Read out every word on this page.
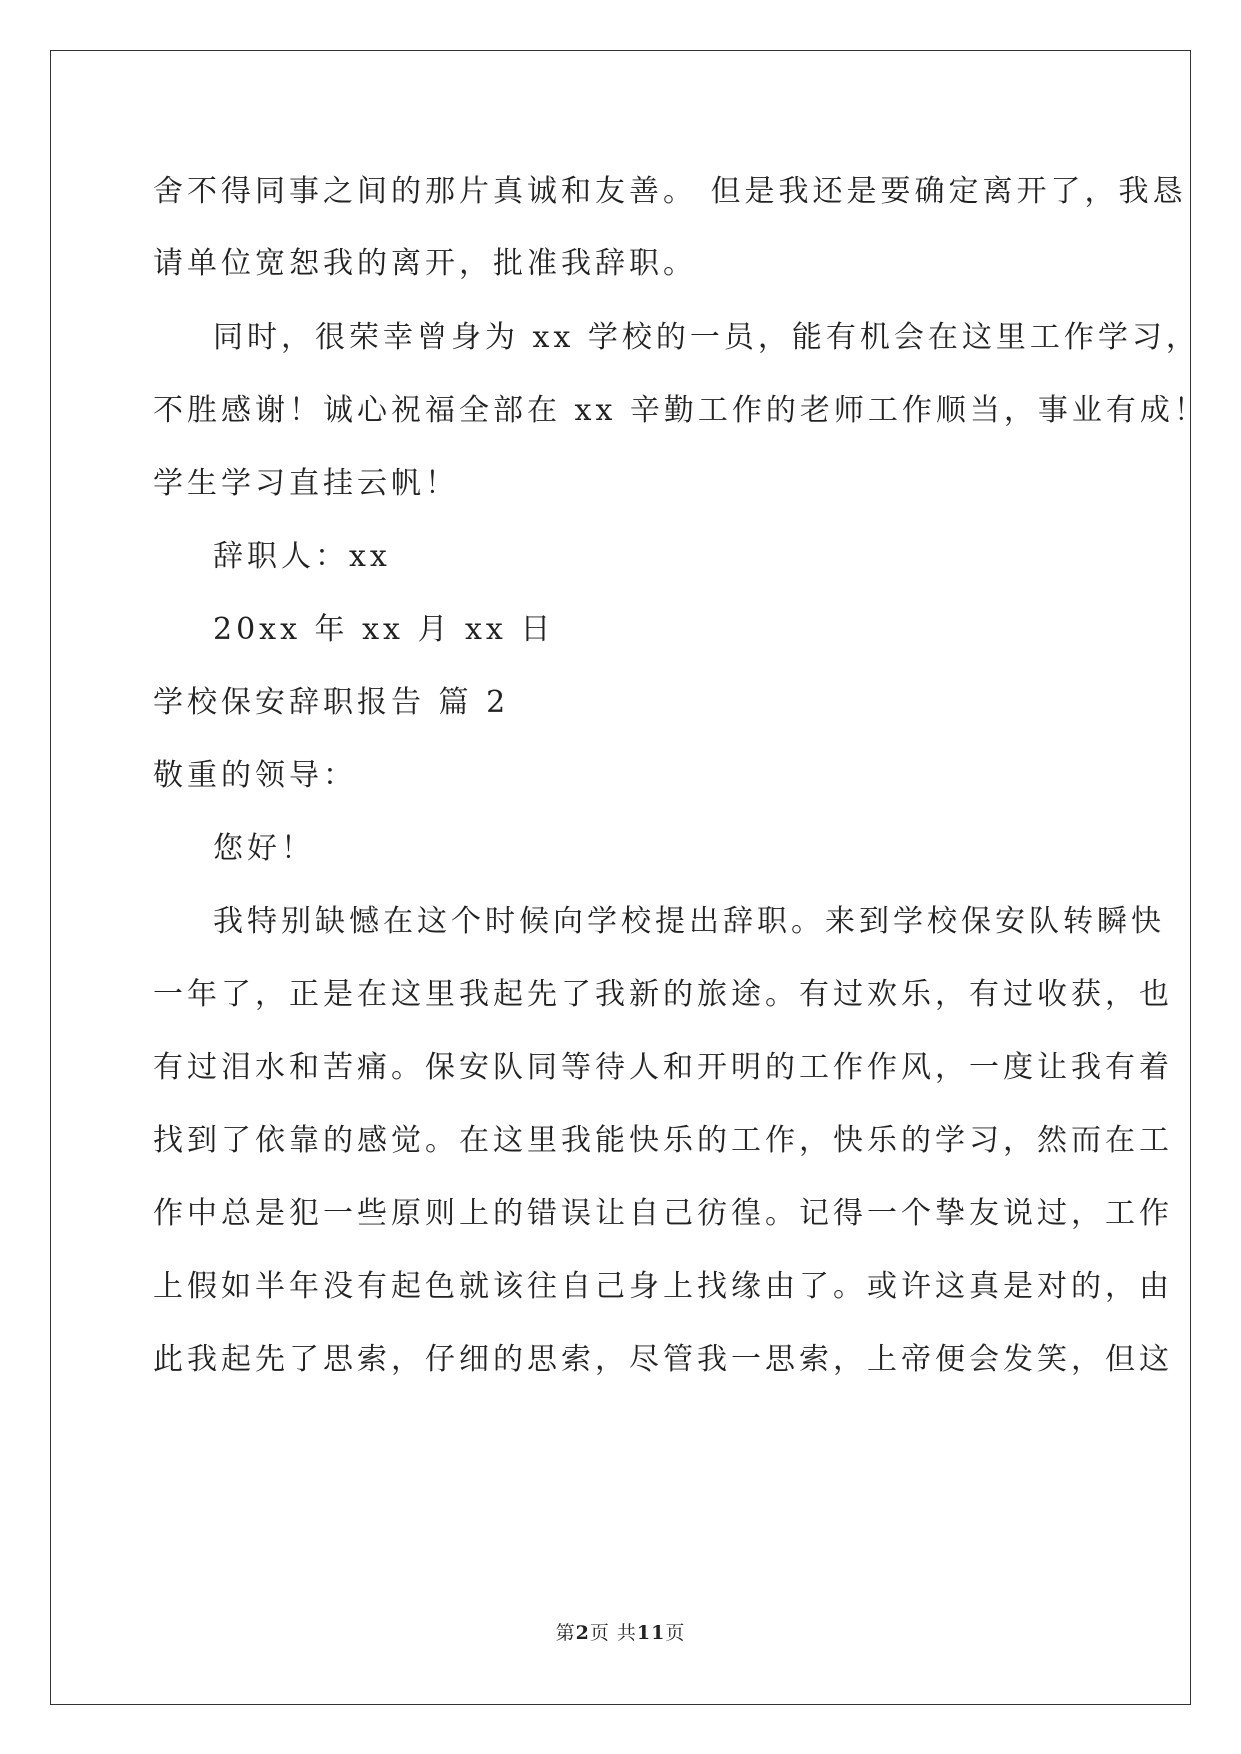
舍不得同事之间的那片真诚和友善。 但是我还是要确定离开了，我恳
请单位宽恕我的离开，批准我辞职。
同时，很荣幸曾身为 xx 学校的一员，能有机会在这里工作学习，
不胜感谢！诚心祝福全部在 xx 辛勤工作的老师工作顺当，事业有成！
学生学习直挂云帆！
辞职人：xx
20xx 年 xx 月 xx 日
学校保安辞职报告 篇 2
敬重的领导：
您好！
我特别缺憾在这个时候向学校提出辞职。来到学校保安队转瞬快
一年了，正是在这里我起先了我新的旅途。有过欢乐，有过收获，也
有过泪水和苦痛。保安队同等待人和开明的工作作风，一度让我有着
找到了依靠的感觉。在这里我能快乐的工作，快乐的学习，然而在工
作中总是犯一些原则上的错误让自己彷徨。记得一个挚友说过，工作
上假如半年没有起色就该往自己身上找缘由了。或许这真是对的，由
此我起先了思索，仔细的思索，尽管我一思索，上帝便会发笑，但这
第2页 共11页
